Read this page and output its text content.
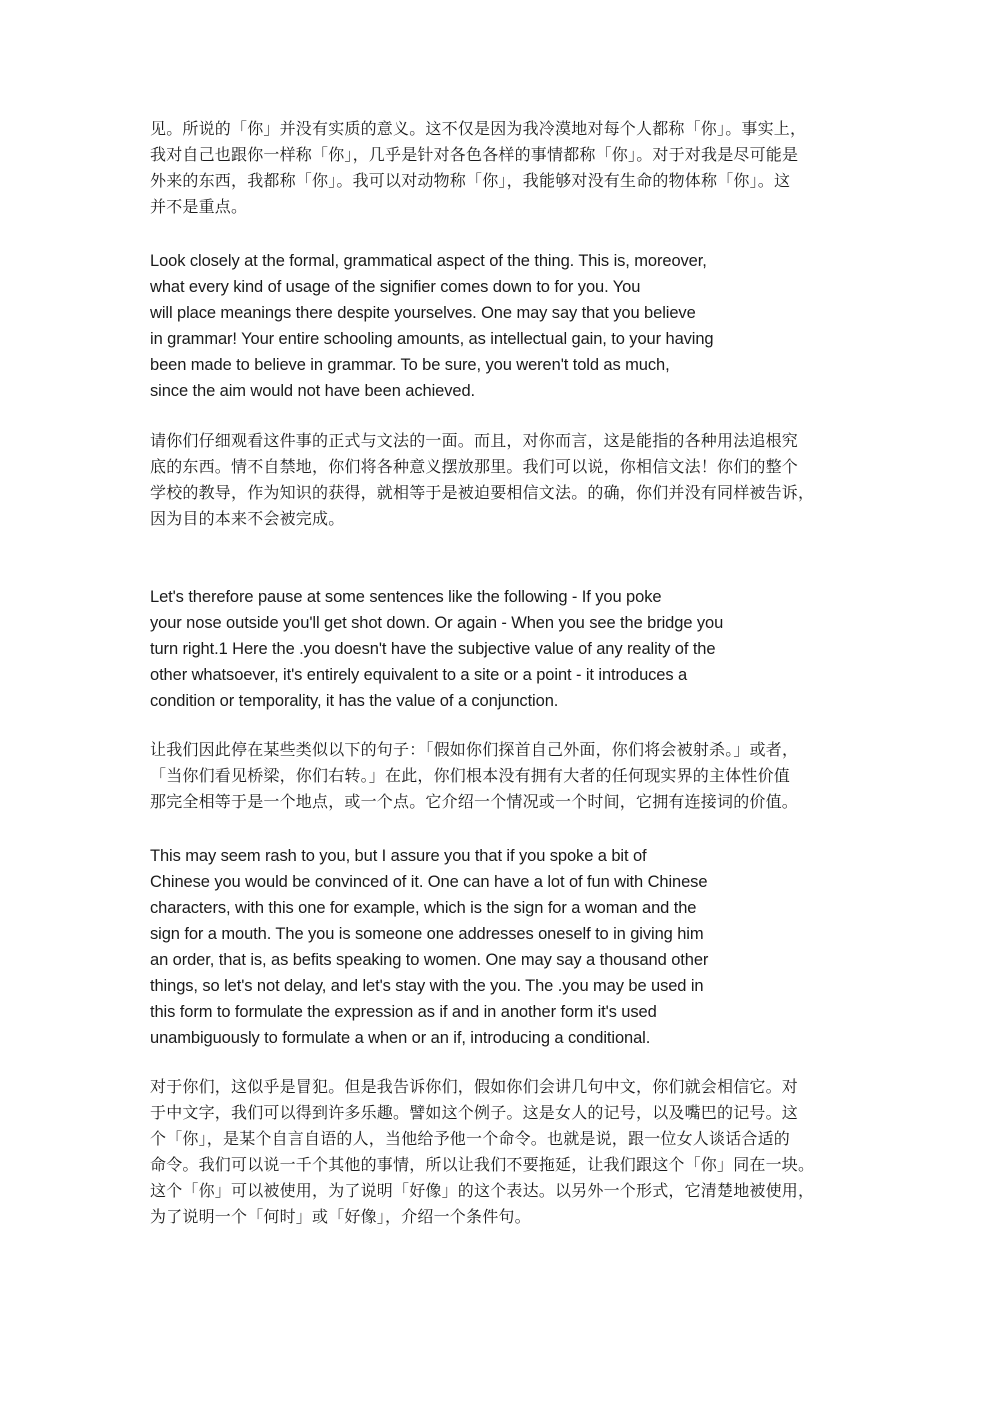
见。所说的「你」并没有实质的意义。这不仅是因为我冷漠地对每个人都称「你」。事实上，
我对自己也跟你一样称「你」，几乎是针对各色各样的事情都称「你」。对于对我是尽可能是
外来的东西，我都称「你」。我可以对动物称「你」，我能够对没有生命的物体称「你」。这
并不是重点。

Look closely at the formal, grammatical aspect of the thing. This is, moreover,
what every kind of usage of the signifier comes down to for you. You
will place meanings there despite yourselves. One may say that you believe
in grammar! Your entire schooling amounts, as intellectual gain, to your having
been made to believe in grammar. To be sure, you weren't told as much,
since the aim would not have been achieved.

请你们仔细观看这件事的正式与文法的一面。而且，对你而言，这是能指的各种用法追根究
底的东西。情不自禁地，你们将各种意义摆放那里。我们可以说，你相信文法！你们的整个
学校的教导，作为知识的获得，就相等于是被迫要相信文法。的确，你们并没有同样被告诉，
因为目的本来不会被完成。

Let's therefore pause at some sentences like the following - If you poke
your nose outside you'll get shot down. Or again - When you see the bridge you
turn right.1 Here the .you doesn't have the subjective value of any reality of the
other whatsoever, it's entirely equivalent to a site or a point - it introduces a
condition or temporality, it has the value of a conjunction.

让我们因此停在某些类似以下的句子：「假如你们探首自己外面，你们将会被射杀。」或者，
「当你们看见桥梁，你们右转。」在此，你们根本没有拥有大者的任何现实界的主体性价值
那完全相等于是一个地点，或一个点。它介绍一个情况或一个时间，它拥有连接词的价值。

This may seem rash to you, but I assure you that if you spoke a bit of
Chinese you would be convinced of it. One can have a lot of fun with Chinese
characters, with this one for example, which is the sign for a woman and the
sign for a mouth. The you is someone one addresses oneself to in giving him
an order, that is, as befits speaking to women. One may say a thousand other
things, so let's not delay, and let's stay with the you. The .you may be used in
this form to formulate the expression as if and in another form it's used
unambiguously to formulate a when or an if, introducing a conditional.

对于你们，这似乎是冒犯。但是我告诉你们，假如你们会讲几句中文，你们就会相信它。对
于中文字，我们可以得到许多乐趣。譬如这个例子。这是女人的记号，以及嘴巴的记号。这
个「你」，是某个自言自语的人，当他给予他一个命令。也就是说，跟一位女人谈话合适的
命令。我们可以说一千个其他的事情，所以让我们不要拖延，让我们跟这个「你」同在一块。
这个「你」可以被使用，为了说明「好像」的这个表达。以另外一个形式，它清楚地被使用，
为了说明一个「何时」或「好像」，介绍一个条件句。
